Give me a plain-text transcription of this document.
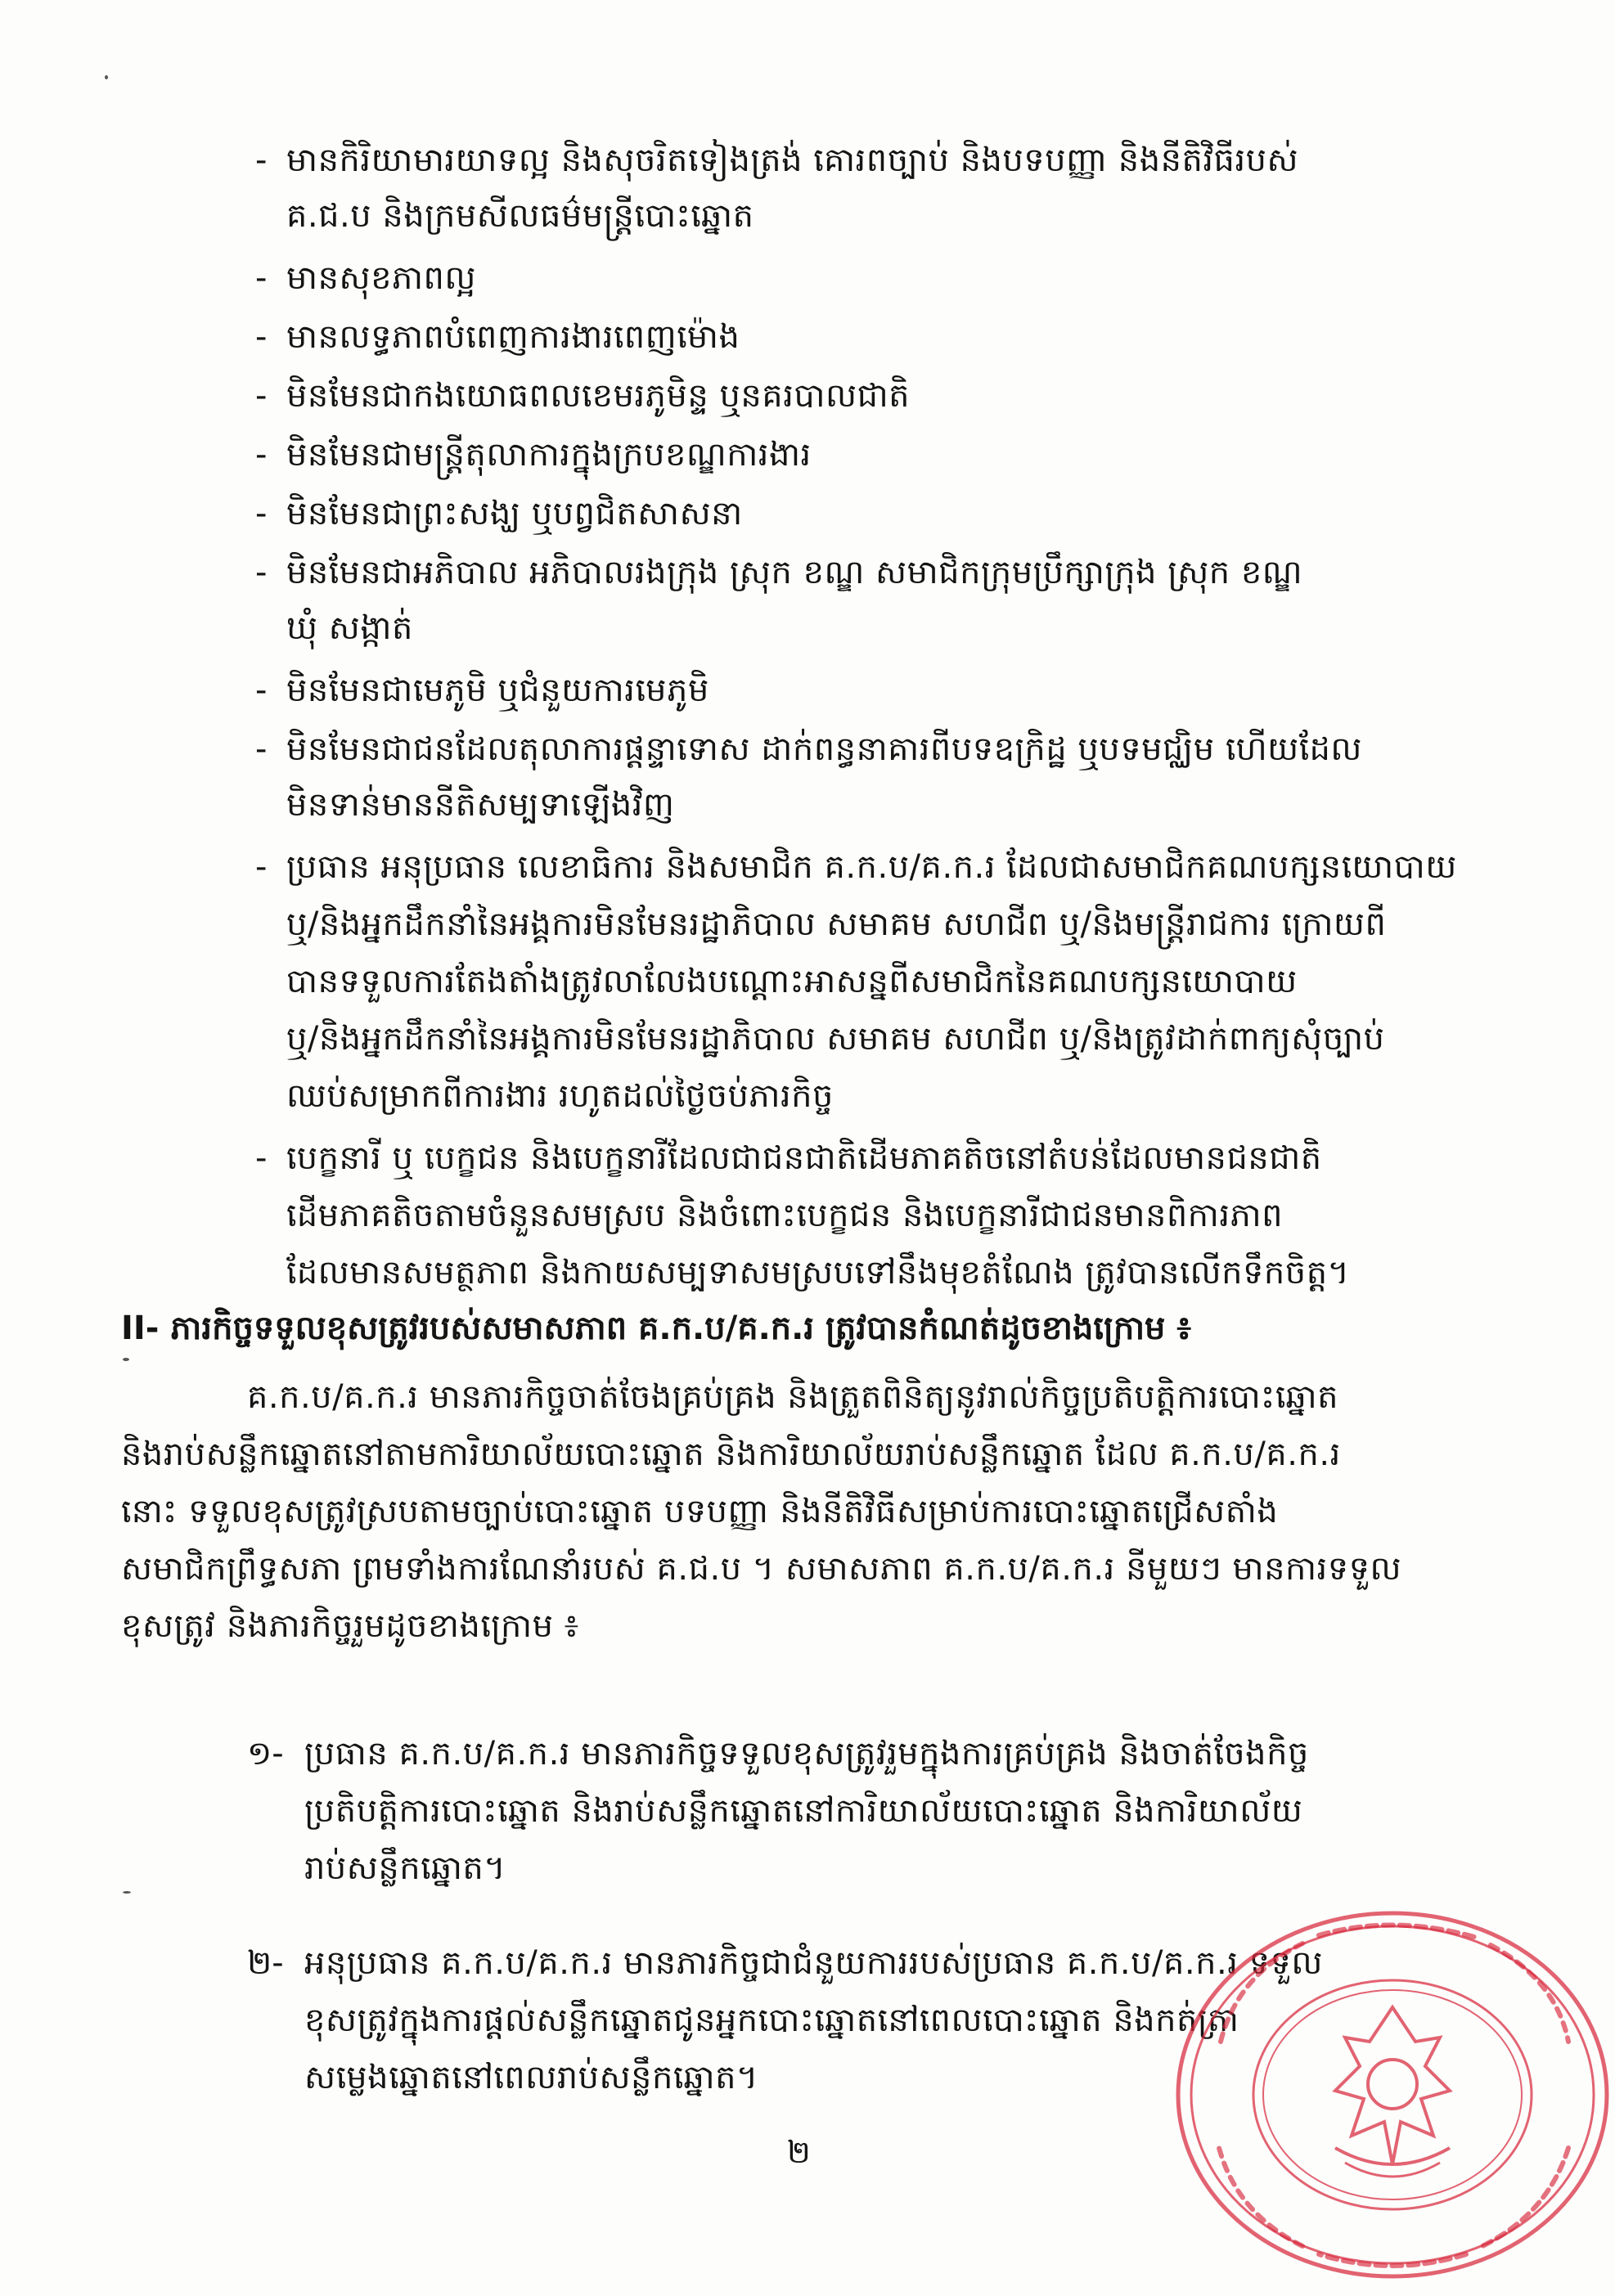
- មានកិរិយាមារយាទល្អ និងសុចរិតទៀងត្រង់ គោរពច្បាប់ និងបទបញ្ញា និងនីតិវិធីរបស់
គ.ជ.ប និងក្រមសីលធម៌មន្ត្រីបោះឆ្នោត
- មានសុខភាពល្អ
- មានលទ្ធភាពបំពេញការងារពេញម៉ោង
- មិនមែនជាកងយោធពលខេមរភូមិន្ទ ឬនគរបាលជាតិ
- មិនមែនជាមន្ត្រីតុលាការក្នុងក្របខណ្ឌការងារ
- មិនមែនជាព្រះសង្ឃ ឬបព្វជិតសាសនា
- មិនមែនជាអភិបាល អភិបាលរងក្រុង ស្រុក ខណ្ឌ សមាជិកក្រុមប្រឹក្សាក្រុង ស្រុក ខណ្ឌ
ឃុំ សង្កាត់
- មិនមែនជាមេភូមិ ឬជំនួយការមេភូមិ
- មិនមែនជាជនដែលតុលាការផ្តន្ទាទោស ដាក់ពន្ធនាគារពីបទឧក្រិដ្ឋ ឬបទមជ្ឈិម ហើយដែល
មិនទាន់មាននីតិសម្បទាឡើងវិញ
- ប្រធាន អនុប្រធាន លេខាធិការ និងសមាជិក គ.ក.ប/គ.ក.រ ដែលជាសមាជិកគណបក្សនយោបាយ
ឬ/និងអ្នកដឹកនាំនៃអង្គការមិនមែនរដ្ឋាភិបាល សមាគម សហជីព ឬ/និងមន្ត្រីរាជការ ក្រោយពី
បានទទួលការតែងតាំងត្រូវលាលែងបណ្តោះអាសន្នពីសមាជិកនៃគណបក្សនយោបាយ
ឬ/និងអ្នកដឹកនាំនៃអង្គការមិនមែនរដ្ឋាភិបាល សមាគម សហជីព ឬ/និងត្រូវដាក់ពាក្យសុំច្បាប់
ឈប់សម្រាកពីការងារ រហូតដល់ថ្ងៃចប់ភារកិច្ច
- បេក្ខនារី ឬ បេក្ខជន និងបេក្ខនារីដែលជាជនជាតិដើមភាគតិចនៅតំបន់ដែលមានជនជាតិ
ដើមភាគតិចតាមចំនួនសមស្រប និងចំពោះបេក្ខជន និងបេក្ខនារីជាជនមានពិការភាព
ដែលមានសមត្ថភាព និងកាយសម្បទាសមស្របទៅនឹងមុខតំណែង ត្រូវបានលើកទឹកចិត្ត។
II- ភារកិច្ចទទួលខុសត្រូវរបស់សមាសភាព គ.ក.ប/គ.ក.រ ត្រូវបានកំណត់ដូចខាងក្រោម ៖
គ.ក.ប/គ.ក.រ មានភារកិច្ចចាត់ចែងគ្រប់គ្រង និងត្រួតពិនិត្យនូវរាល់កិច្ចប្រតិបត្តិការបោះឆ្នោត
និងរាប់សន្លឹកឆ្នោតនៅតាមការិយាល័យបោះឆ្នោត និងការិយាល័យរាប់សន្លឹកឆ្នោត ដែល គ.ក.ប/គ.ក.រ
នោះ ទទួលខុសត្រូវស្របតាមច្បាប់បោះឆ្នោត បទបញ្ញា និងនីតិវិធីសម្រាប់ការបោះឆ្នោតជ្រើសតាំង
សមាជិកព្រឹទ្ធសភា ព្រមទាំងការណែនាំរបស់ គ.ជ.ប ។ សមាសភាព គ.ក.ប/គ.ក.រ នីមួយៗ មានការទទួល
ខុសត្រូវ និងភារកិច្ចរួមដូចខាងក្រោម ៖
១- ប្រធាន គ.ក.ប/គ.ក.រ មានភារកិច្ចទទួលខុសត្រូវរួមក្នុងការគ្រប់គ្រង និងចាត់ចែងកិច្ច
ប្រតិបត្តិការបោះឆ្នោត និងរាប់សន្លឹកឆ្នោតនៅការិយាល័យបោះឆ្នោត និងការិយាល័យ
រាប់សន្លឹកឆ្នោត។
២- អនុប្រធាន គ.ក.ប/គ.ក.រ មានភារកិច្ចជាជំនួយការរបស់ប្រធាន គ.ក.ប/គ.ក.រ ទទួល
ខុសត្រូវក្នុងការផ្តល់សន្លឹកឆ្នោតជូនអ្នកបោះឆ្នោតនៅពេលបោះឆ្នោត និងកត់ត្រា
សម្លេងឆ្នោតនៅពេលរាប់សន្លឹកឆ្នោត។
២
